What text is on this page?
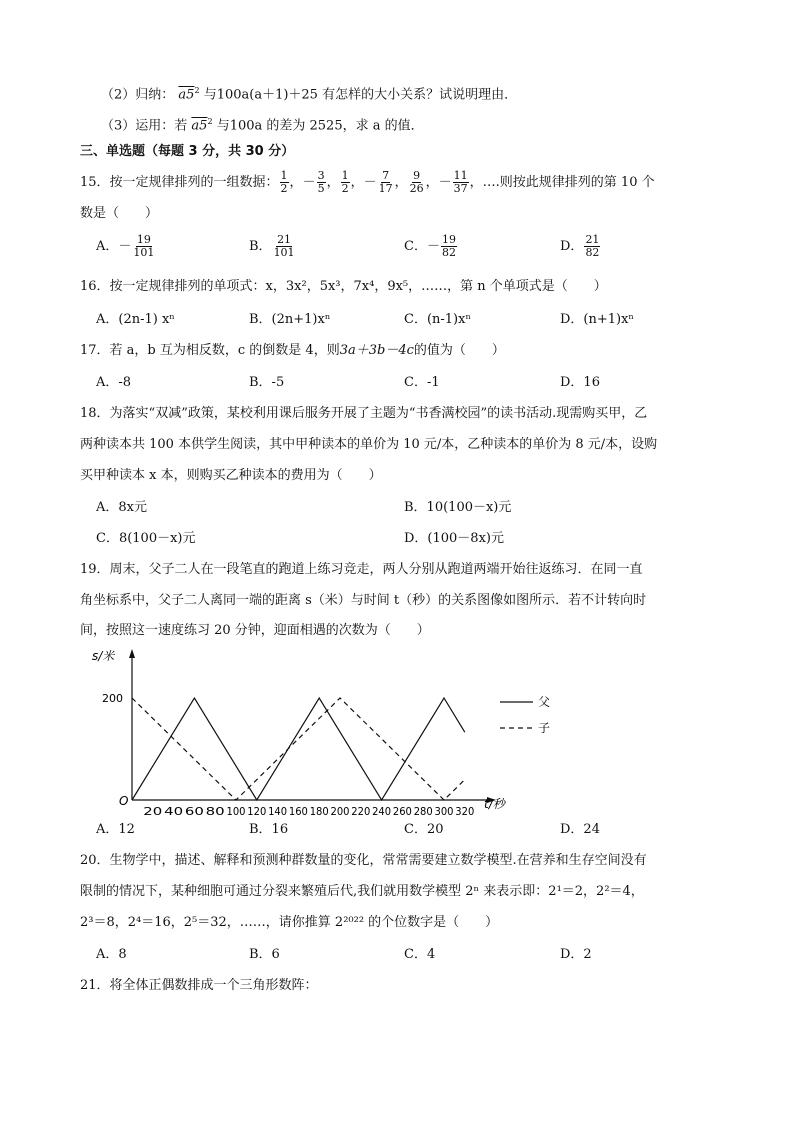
（2）归纳： $a5^2$ 与100a(a＋1)＋25 有怎样的大小关系？试说明理由．
（3）运用：若 $a5^2$ 与100a 的差为 2525，求 a 的值．
三、单选题（每题 3 分，共 30 分）
15．按一定规律排列的一组数据： $\frac{1}{2}$ ，－ $\frac{3}{5}$ ， $\frac{1}{2}$ ，－ $\frac{7}{17}$ ， $\frac{9}{26}$ ，－ $\frac{11}{37}$ ，….则按此规律排列的第 10 个
数是（　　）
A．－ $\frac{19}{101}$	B． $\frac{21}{101}$	C．－ $\frac{19}{82}$	D． $\frac{21}{82}$
16．按一定规律排列的单项式：x，3x²，5x³，7x⁴，9x⁵，……，第 n 个单项式是（　　）
A．(2n-1) xⁿ	B．(2n+1)xⁿ	C．(n-1)xⁿ	D．(n+1)xⁿ
17．若 a，b 互为相反数，c 的倒数是 4，则3a＋3b－4c的值为（　　）
A．-8	B．-5	C．-1	D．16
18．为落实“双减”政策，某校利用课后服务开展了主题为“书香满校园”的读书活动.现需购买甲，乙
两种读本共 100 本供学生阅读，其中甲种读本的单价为 10 元/本，乙种读本的单价为 8 元/本，设购
买甲种读本 x 本，则购买乙种读本的费用为（　　）
A．8x元	B．10(100－x)元
C．8(100－x)元	D．(100－8x)元
19．周末，父子二人在一段笔直的跑道上练习竞走，两人分别从跑道两端开始往返练习．在同一直
角坐标系中，父子二人离同一端的距离 s（米）与时间 t（秒）的关系图像如图所示．若不计转向时
间，按照这一速度练习 20 分钟，迎面相遇的次数为（　　）
s/米
t/秒
O
200
20 40 60 80 100 120 140 160 180 200 220 240 260 280 300 320
父
子
A．12	B．16	C．20	D．24
20．生物学中，描述、解释和预测种群数量的变化，常常需要建立数学模型.在营养和生存空间没有
限制的情况下，某种细胞可通过分裂来繁殖后代,我们就用数学模型 2ⁿ 来表示即：2¹＝2，2²＝4，
2³＝8，2⁴＝16，2⁵＝32，……，请你推算 2²⁰²² 的个位数字是（　　）
A．8	B．6	C．4	D．2
21．将全体正偶数排成一个三角形数阵：
